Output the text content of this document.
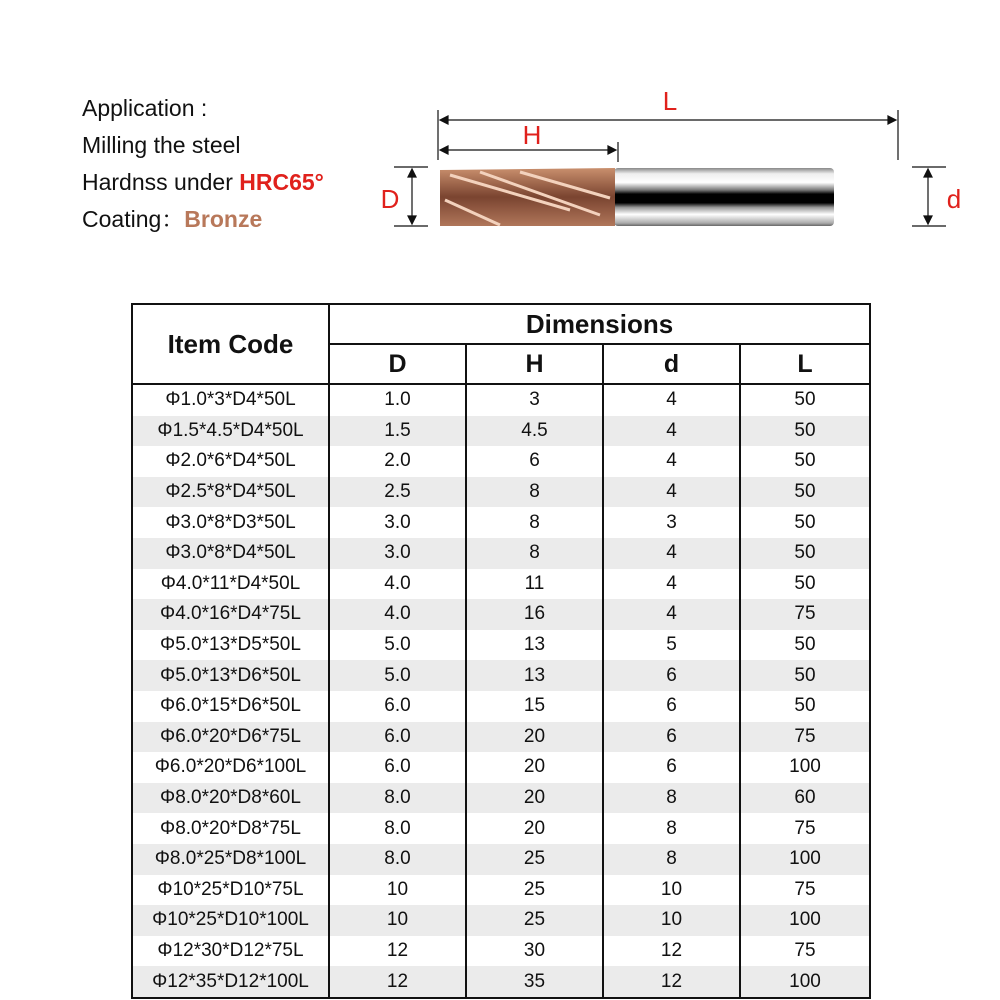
Application :
Milling the steel
Hardnss under HRC65°
Coating：Bronze
L
H
D	d
Item Code	Dimensions			
	D	H	d	L
Φ1.0*3*D4*50L	1.0	3	4	50
Φ1.5*4.5*D4*50L	1.5	4.5	4	50
Φ2.0*6*D4*50L	2.0	6	4	50
Φ2.5*8*D4*50L	2.5	8	4	50
Φ3.0*8*D3*50L	3.0	8	3	50
Φ3.0*8*D4*50L	3.0	8	4	50
Φ4.0*11*D4*50L	4.0	11	4	50
Φ4.0*16*D4*75L	4.0	16	4	75
Φ5.0*13*D5*50L	5.0	13	5	50
Φ5.0*13*D6*50L	5.0	13	6	50
Φ6.0*15*D6*50L	6.0	15	6	50
Φ6.0*20*D6*75L	6.0	20	6	75
Φ6.0*20*D6*100L	6.0	20	6	100
Φ8.0*20*D8*60L	8.0	20	8	60
Φ8.0*20*D8*75L	8.0	20	8	75
Φ8.0*25*D8*100L	8.0	25	8	100
Φ10*25*D10*75L	10	25	10	75
Φ10*25*D10*100L	10	25	10	100
Φ12*30*D12*75L	12	30	12	75
Φ12*35*D12*100L	12	35	12	100
